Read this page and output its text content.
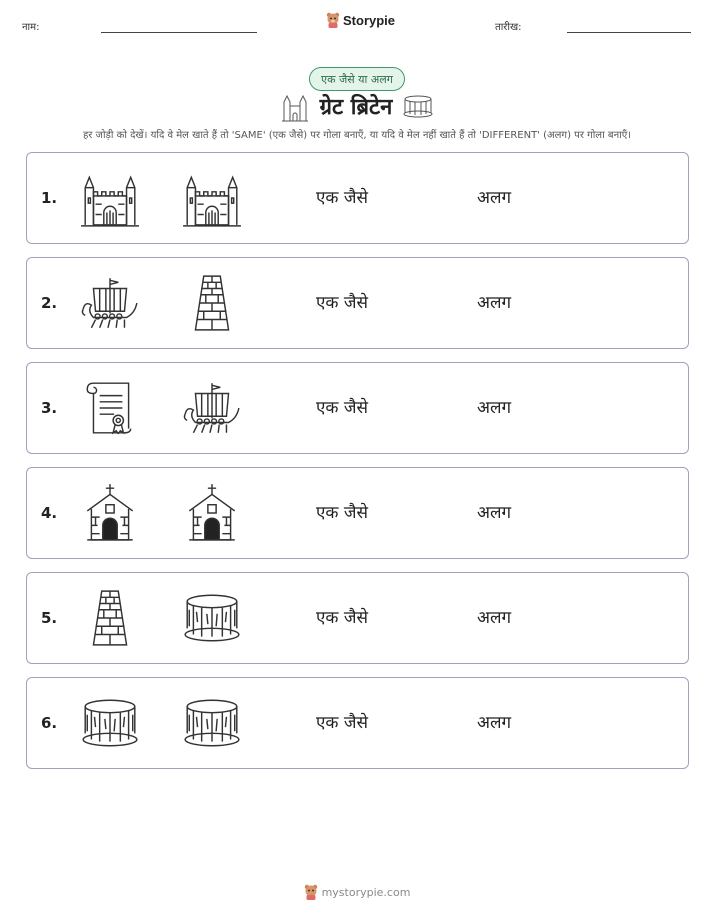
नाम:	Storypie	तारीख:
एक जैसे या अलग
ग्रेट ब्रिटेन
हर जोड़ी को देखें। यदि वे मेल खाते हैं तो 'SAME' (एक जैसे) पर गोला बनाएँ, या यदि वे मेल नहीं खाते हैं तो 'DIFFERENT' (अलग) पर गोला बनाएँ।
1.	एक जैसे	अलग
2.	एक जैसे	अलग
3.	एक जैसे	अलग
4.	एक जैसे	अलग
5.	एक जैसे	अलग
6.	एक जैसे	अलग
mystorypie.com
